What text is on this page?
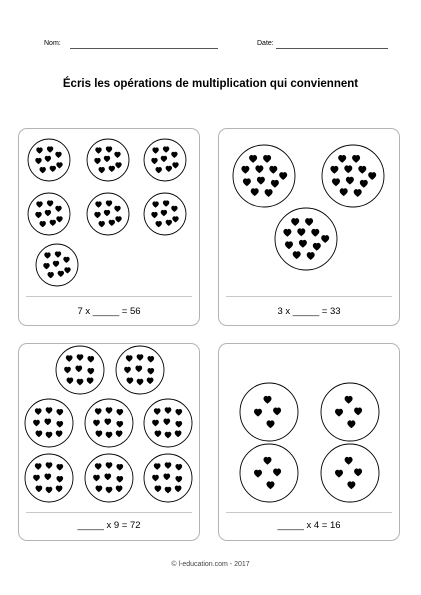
Nom:	Date:
Écris les opérations de multiplication qui conviennent
7 x _____ = 56	3 x _____ = 33
_____ x 9 = 72	_____ x 4 = 16
© l-education.com - 2017
